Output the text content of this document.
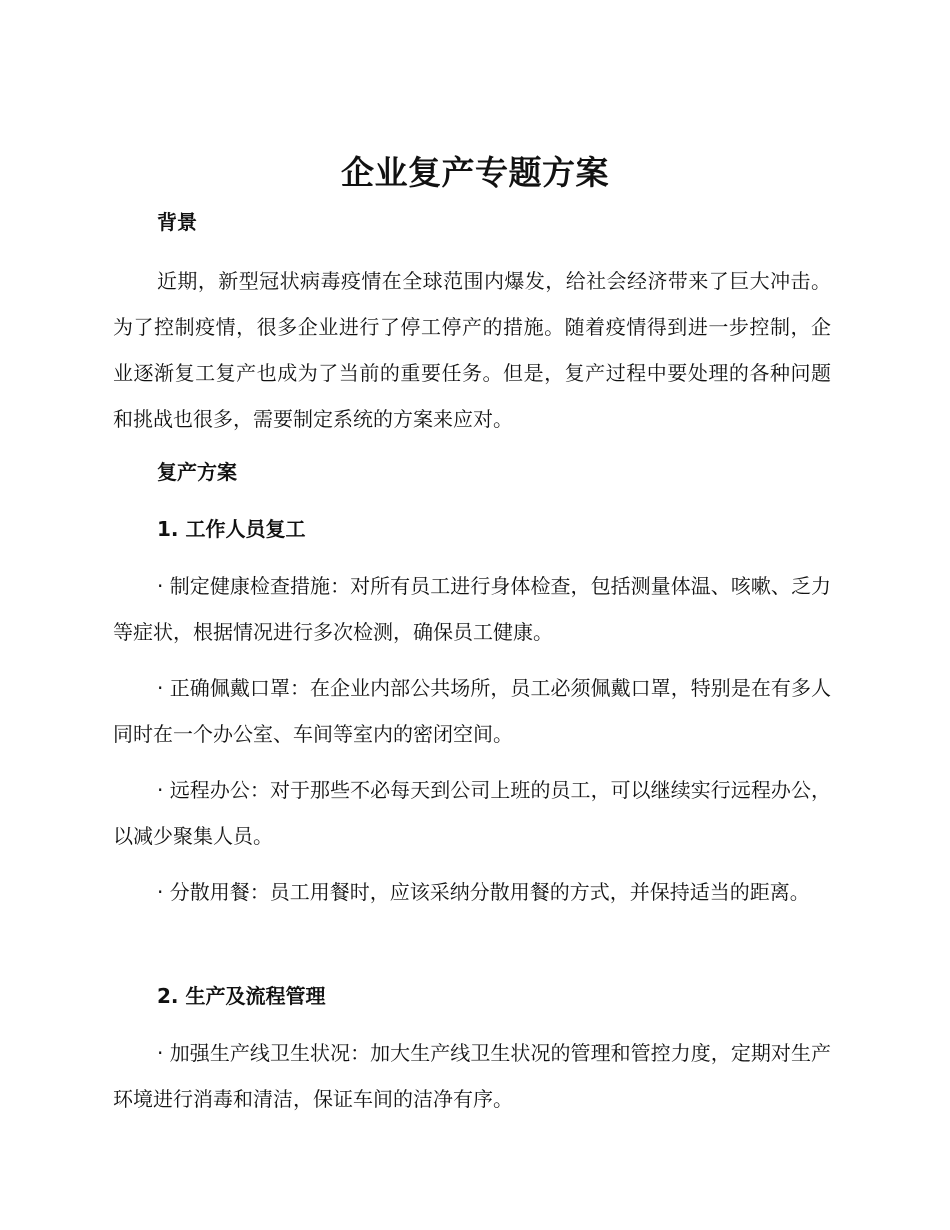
企业复产专题方案
背景

近期，新型冠状病毒疫情在全球范围内爆发，给社会经济带来了巨大冲击。为了控制疫情，很多企业进行了停工停产的措施。随着疫情得到进一步控制，企业逐渐复工复产也成为了当前的重要任务。但是，复产过程中要处理的各种问题和挑战也很多，需要制定系统的方案来应对。

复产方案
1. 工作人员复工

· 制定健康检查措施：对所有员工进行身体检查，包括测量体温、咳嗽、乏力等症状，根据情况进行多次检测，确保员工健康。

· 正确佩戴口罩：在企业内部公共场所，员工必须佩戴口罩，特别是在有多人同时在一个办公室、车间等室内的密闭空间。

· 远程办公：对于那些不必每天到公司上班的员工，可以继续实行远程办公，以减少聚集人员。

· 分散用餐：员工用餐时，应该采纳分散用餐的方式，并保持适当的距离。

2. 生产及流程管理

· 加强生产线卫生状况：加大生产线卫生状况的管理和管控力度，定期对生产环境进行消毒和清洁，保证车间的洁净有序。
